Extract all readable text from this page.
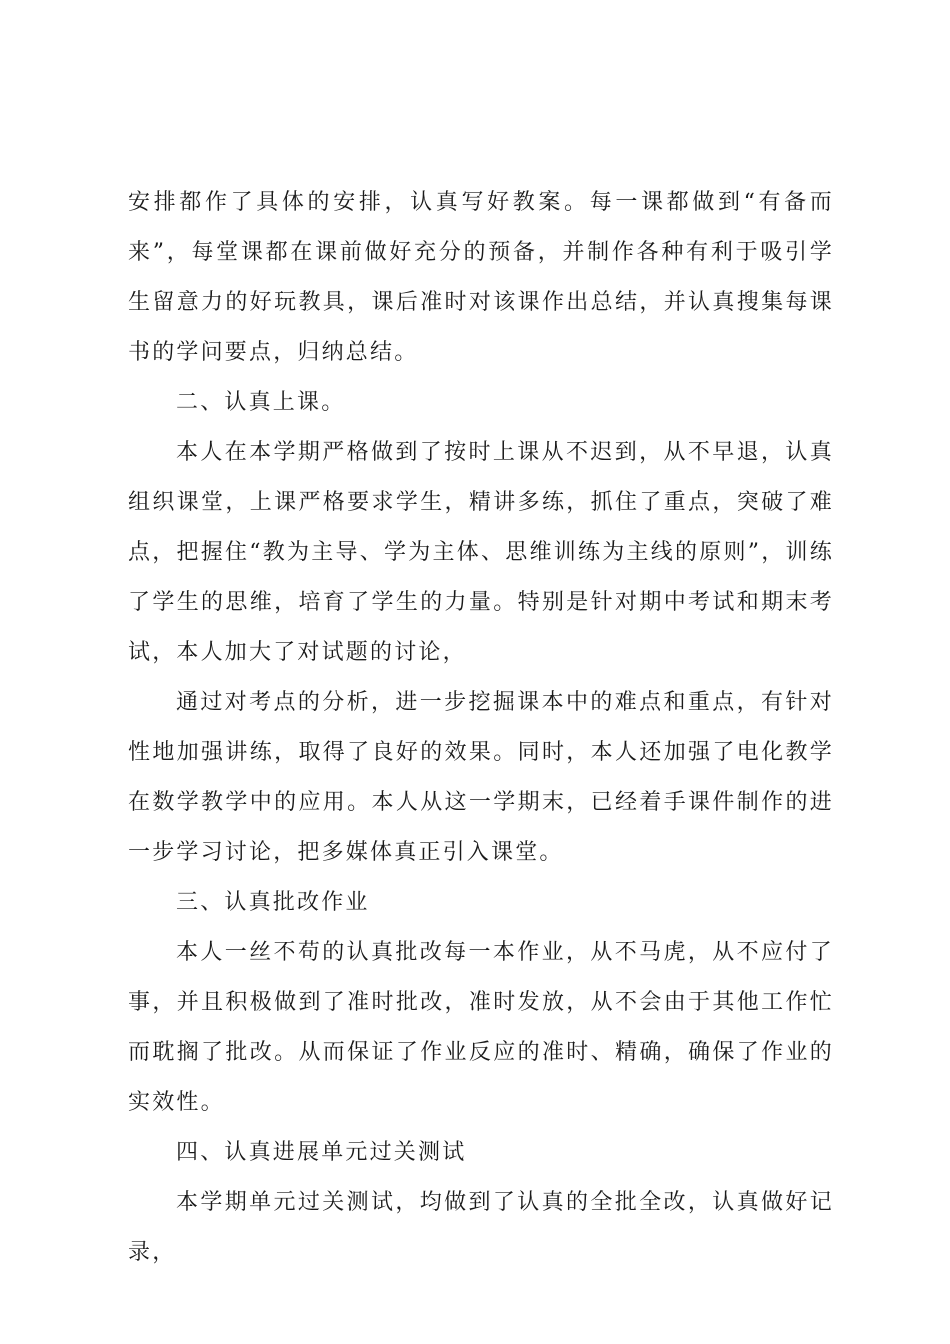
安排都作了具体的安排，认真写好教案。每一课都做到“有备而来”，每堂课都在课前做好充分的预备，并制作各种有利于吸引学生留意力的好玩教具，课后准时对该课作出总结，并认真搜集每课书的学问要点，归纳总结。

二、认真上课。

本人在本学期严格做到了按时上课从不迟到，从不早退，认真组织课堂，上课严格要求学生，精讲多练，抓住了重点，突破了难点，把握住“教为主导、学为主体、思维训练为主线的原则”，训练了学生的思维，培育了学生的力量。特别是针对期中考试和期末考试，本人加大了对试题的讨论，

通过对考点的分析，进一步挖掘课本中的难点和重点，有针对性地加强讲练，取得了良好的效果。同时，本人还加强了电化教学在数学教学中的应用。本人从这一学期末，已经着手课件制作的进一步学习讨论，把多媒体真正引入课堂。

三、认真批改作业

本人一丝不苟的认真批改每一本作业，从不马虎，从不应付了事，并且积极做到了准时批改，准时发放，从不会由于其他工作忙而耽搁了批改。从而保证了作业反应的准时、精确，确保了作业的实效性。

四、认真进展单元过关测试

本学期单元过关测试，均做到了认真的全批全改，认真做好记录，
